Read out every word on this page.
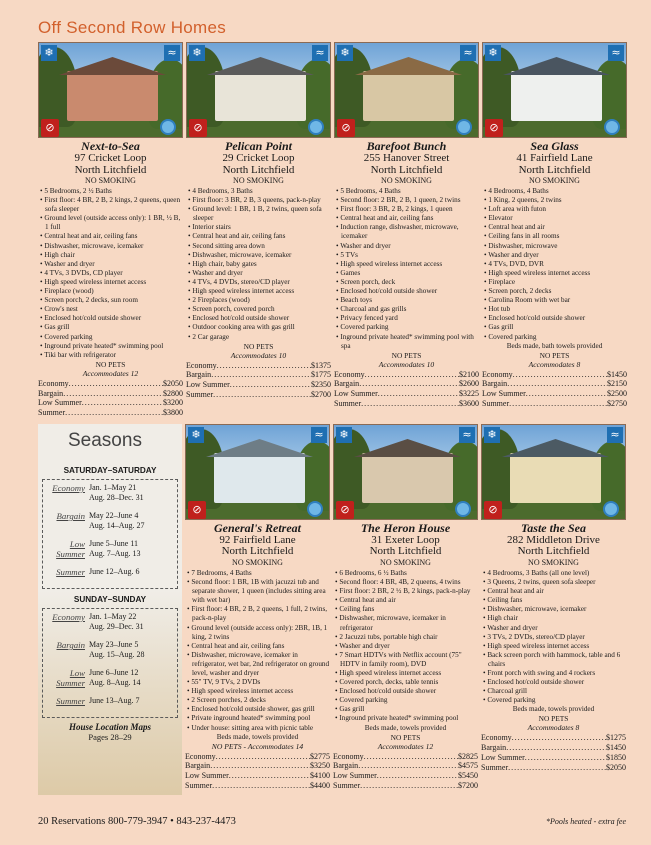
Off Second Row Homes
❄	≈
⊘
Next-to-Sea
97 Cricket Loop
North Litchfield
NO SMOKING
• 5 Bedrooms, 2 ½ Baths
• First floor: 4 BR, 2 B, 2 kings, 2 queens, queen sofa sleeper
• Ground level (outside access only): 1 BR, ½ B, 1 full
• Central heat and air, ceiling fans
• Dishwasher, microwave, icemaker
• High chair
• Washer and dryer
• 4 TVs, 3 DVDs, CD player
• High speed wireless internet access
• Fireplace (wood)
• Screen porch, 2 decks, sun room
• Crow's nest
• Enclosed hot/cold outside shower
• Gas grill
• Covered parking
• Inground private heated* swimming pool
• Tiki bar with refrigerator
NO PETS
Accommodates 12
Economy .....	$2050
Bargain .....	$2800
Low Summer .....	$3200
Summer .....	$3800
❄	≈
⊘
Pelican Point
29 Cricket Loop
North Litchfield
NO SMOKING
• 4 Bedrooms, 3 Baths
• First floor: 3 BR, 2 B, 3 queens, pack-n-play
• Ground level: 1 BR, 1 B, 2 twins, queen sofa sleeper
• Interior stairs
• Central heat and air, ceiling fans
• Second sitting area down
• Dishwasher, microwave, icemaker
• High chair, baby gates
• Washer and dryer
• 4 TVs, 4 DVDs, stereo/CD player
• High speed wireless internet access
• 2 Fireplaces (wood)
• Screen porch, covered porch
• Enclosed hot/cold outside shower
• Outdoor cooking area with gas grill
• 2 Car garage
NO PETS
Accommodates 10
Economy .....	$1375
Bargain .....	$1775
Low Summer .....	$2350
Summer .....	$2700
❄	≈
⊘
Barefoot Bunch
255 Hanover Street
North Litchfield
NO SMOKING
• 5 Bedrooms, 4 Baths
• Second floor: 2 BR, 2 B, 1 queen, 2 twins
• First floor: 3 BR, 2 B, 2 kings, 1 queen
• Central heat and air, ceiling fans
• Induction range, dishwasher, microwave, icemaker
• Washer and dryer
• 5 TVs
• High speed wireless internet access
• Games
• Screen porch, deck
• Enclosed hot/cold outside shower
• Beach toys
• Charcoal and gas grills
• Privacy fenced yard
• Covered parking
• Inground private heated* swimming pool with spa
NO PETS
Accommodates 10
Economy .....	$2100
Bargain .....	$2600
Low Summer .....	$3225
Summer .....	$3600
❄	≈
⊘
Sea Glass
41 Fairfield Lane
North Litchfield
NO SMOKING
• 4 Bedrooms, 4 Baths
• 1 King, 2 queens, 2 twins
• Loft area with futon
• Elevator
• Central heat and air
• Ceiling fans in all rooms
• Dishwasher, microwave
• Washer and dryer
• 4 TVs, DVD, DVR
• High speed wireless internet access
• Fireplace
• Screen porch, 2 decks
• Carolina Room with wet bar
• Hot tub
• Enclosed hot/cold outside shower
• Gas grill
• Covered parking
Beds made, bath towels provided
NO PETS
Accommodates 8
Economy .....	$1450
Bargain .....	$2150
Low Summer .....	$2500
Summer .....	$2750
Seasons
SATURDAY–SATURDAY
Economy Jan. 1–May 21
Aug. 28–Dec. 31
Bargain May 22–June 4
Aug. 14–Aug. 27
Low Summer
June 5–June 11
Aug. 7–Aug. 13
Summer June 12–Aug. 6
SUNDAY–SUNDAY
Economy Jan. 1–May 22
Aug. 29–Dec. 31
Bargain May 23–June 5
Aug. 15–Aug. 28
Low Summer
June 6–June 12
Aug. 8–Aug. 14
Summer June 13–Aug. 7
House Location Maps
Pages 28–29
❄	≈
⊘
General's Retreat
92 Fairfield Lane
North Litchfield
NO SMOKING
• 7 Bedrooms, 4 Baths
• Second floor: 1 BR, 1B with jacuzzi tub and separate shower, 1 queen (includes sitting area with wet bar)
• First floor: 4 BR, 2 B, 2 queens, 1 full, 2 twins, pack-n-play
• Ground level (outside access only): 2BR, 1B, 1 king, 2 twins
• Central heat and air, ceiling fans
• Dishwasher, microwave, icemaker in refrigerator, wet bar, 2nd refrigerator on ground level, washer and dryer
• 55" TV, 9 TVs, 2 DVDs
• High speed wireless internet access
• 2 Screen porches, 2 decks
• Enclosed hot/cold outside shower, gas grill
• Private inground heated* swimming pool
• Under house: sitting area with picnic table
Beds made, towels provided
NO PETS - Accommodates 14
Economy .....	$2775
Bargain .....	$3250
Low Summer .....	$4100
Summer .....	$4400
❄	≈
⊘
The Heron House
31 Exeter Loop
North Litchfield
NO SMOKING
• 6 Bedrooms, 6 ½ Baths
• Second floor: 4 BR, 4B, 2 queens, 4 twins
• First floor: 2 BR, 2 ½ B, 2 kings, pack-n-play
• Central heat and air
• Ceiling fans
• Dishwasher, microwave, icemaker in refrigerator
• 2 Jacuzzi tubs, portable high chair
• Washer and dryer
• 7 Smart HDTVs with Netflix account (75" HDTV in family room), DVD
• High speed wireless internet access
• Covered porch, decks, table tennis
• Enclosed hot/cold outside shower
• Covered parking
• Gas grill
• Inground private heated* swimming pool
Beds made, towels provided
NO PETS
Accommodates 12
Economy .....	$2825
Bargain .....	$4575
Low Summer .....	$5450
Summer .....	$7200
❄	≈
⊘
Taste the Sea
282 Middleton Drive
North Litchfield
NO SMOKING
• 4 Bedrooms, 3 Baths (all one level)
• 3 Queens, 2 twins, queen sofa sleeper
• Central heat and air
• Ceiling fans
• Dishwasher, microwave, icemaker
• High chair
• Washer and dryer
• 3 TVs, 2 DVDs, stereo/CD player
• High speed wireless internet access
• Back screen porch with hammock, table and 6 chairs
• Front porch with swing and 4 rockers
• Enclosed hot/cold outside shower
• Charcoal grill
• Covered parking
Beds made, towels provided
NO PETS
Accommodates 8
Economy .....	$1275
Bargain .....	$1450
Low Summer .....	$1850
Summer .....	$2050
20 Reservations 800-779-3947 • 843-237-4473	*Pools heated - extra fee
